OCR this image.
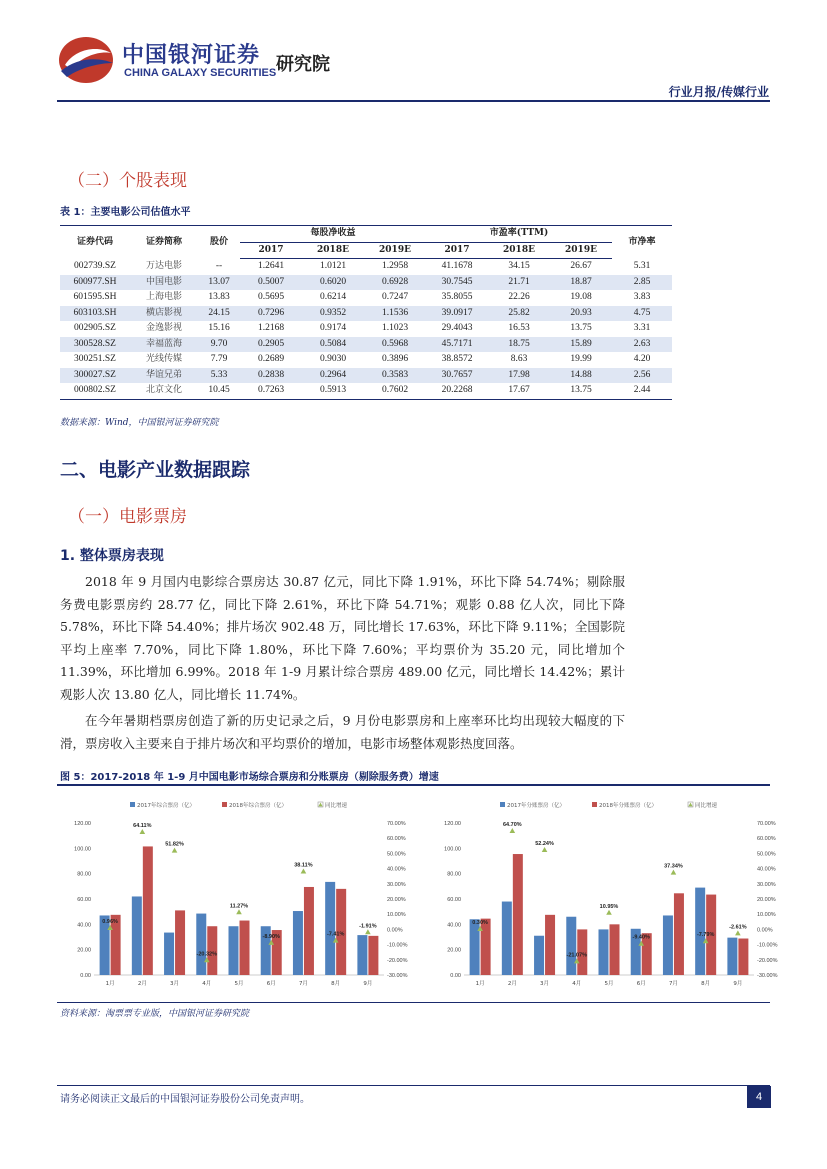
中国银河证券
CHINA GALAXY SECURITIES 研究院
行业月报/传媒行业
（二）个股表现
表 1：主要电影公司估值水平
证券代码	证券简称	股价	每股净收益			市盈率(TTM)			市净率
			2017	2018E	2019E	2017	2018E	2019E	
002739.SZ	万达电影	--	1.2641	1.0121	1.2958	41.1678	34.15	26.67	5.31
600977.SH	中国电影	13.07	0.5007	0.6020	0.6928	30.7545	21.71	18.87	2.85
601595.SH	上海电影	13.83	0.5695	0.6214	0.7247	35.8055	22.26	19.08	3.83
603103.SH	横店影视	24.15	0.7296	0.9352	1.1536	39.0917	25.82	20.93	4.75
002905.SZ	金逸影视	15.16	1.2168	0.9174	1.1023	29.4043	16.53	13.75	3.31
300528.SZ	幸福蓝海	9.70	0.2905	0.5084	0.5968	45.7171	18.75	15.89	2.63
300251.SZ	光线传媒	7.79	0.2689	0.9030	0.3896	38.8572	8.63	19.99	4.20
300027.SZ	华谊兄弟	5.33	0.2838	0.2964	0.3583	30.7657	17.98	14.88	2.56
000802.SZ	北京文化	10.45	0.7263	0.5913	0.7602	20.2268	17.67	13.75	2.44
数据来源：Wind，中国银河证券研究院
二、电影产业数据跟踪
（一）电影票房
1. 整体票房表现

2018 年 9 月国内电影综合票房达 30.87 亿元，同比下降 1.91%，环比下降 54.74%；剔除服务费电影票房约 28.77 亿，同比下降 2.61%，环比下降 54.71%；观影 0.88 亿人次，同比下降 5.78%，环比下降 54.40%；排片场次 902.48 万，同比增长 17.63%，环比下降 9.11%；全国影院平均上座率 7.70%，同比下降 1.80%，环比下降 7.60%；平均票价为 35.20 元，同比增加个 11.39%，环比增加 6.99%。2018 年 1-9 月累计综合票房 489.00 亿元，同比增长 14.42%；累计观影人次 13.80 亿人，同比增长 11.74%。

在今年暑期档票房创造了新的历史记录之后，9 月份电影票房和上座率环比均出现较大幅度的下滑，票房收入主要来自于排片场次和平均票价的增加，电影市场整体观影热度回落。

图 5：2017-2018 年 1-9 月中国电影市场综合票房和分账票房（剔除服务费）增速
2017年综合票房（亿）	2018年综合票房（亿）	同比增速
0.00
20.00
40.00
60.00
80.00
100.00
120.00
-30.00%
-20.00%
-10.00%
0.00%
10.00%
20.00%
30.00%
40.00%
50.00%
60.00%
70.00%
1月
0.96%
2月
64.11%
3月
51.82%
4月
-20.32%
5月
11.27%
6月
-8.90%
7月
38.11%
8月
-7.41%
9月
-1.91%
2017年分账票房（亿）	2018年分账票房（亿）	同比增速
0.00
20.00
40.00
60.00
80.00
100.00
120.00
-30.00%
-20.00%
-10.00%
0.00%
10.00%
20.00%
30.00%
40.00%
50.00%
60.00%
70.00%
1月
0.30%
2月
64.70%
3月
52.24%
4月
-21.07%
5月
10.95%
6月
-9.40%
7月
37.34%
8月
-7.79%
9月
-2.61%
资料来源：淘票票专业版，中国银河证券研究院
请务必阅读正文最后的中国银河证券股份公司免责声明。	4
